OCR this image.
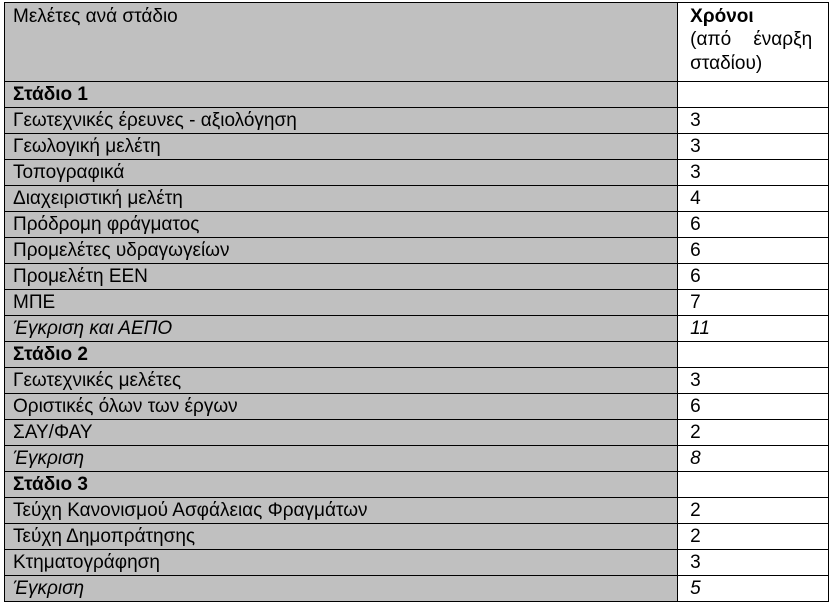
Μελέτες ανά στάδιο	Χρόνοι
(από έναρξη σταδίου)

Στάδιο 1	
Γεωτεχνικές έρευνες - αξιολόγηση	3
Γεωλογική μελέτη	3
Τοπογραφικά	3
Διαχειριστική μελέτη	4
Πρόδρομη φράγματος	6
Προμελέτες υδραγωγείων	6
Προμελέτη ΕΕΝ	6
ΜΠΕ	7
Έγκριση και ΑΕΠΟ	11
Στάδιο 2	
Γεωτεχνικές μελέτες	3
Οριστικές όλων των έργων	6
ΣΑΥ/ΦΑΥ	2
Έγκριση	8
Στάδιο 3	
Τεύχη Κανονισμού Ασφάλειας Φραγμάτων	2
Τεύχη Δημοπράτησης	2
Κτηματογράφηση	3
Έγκριση	5
